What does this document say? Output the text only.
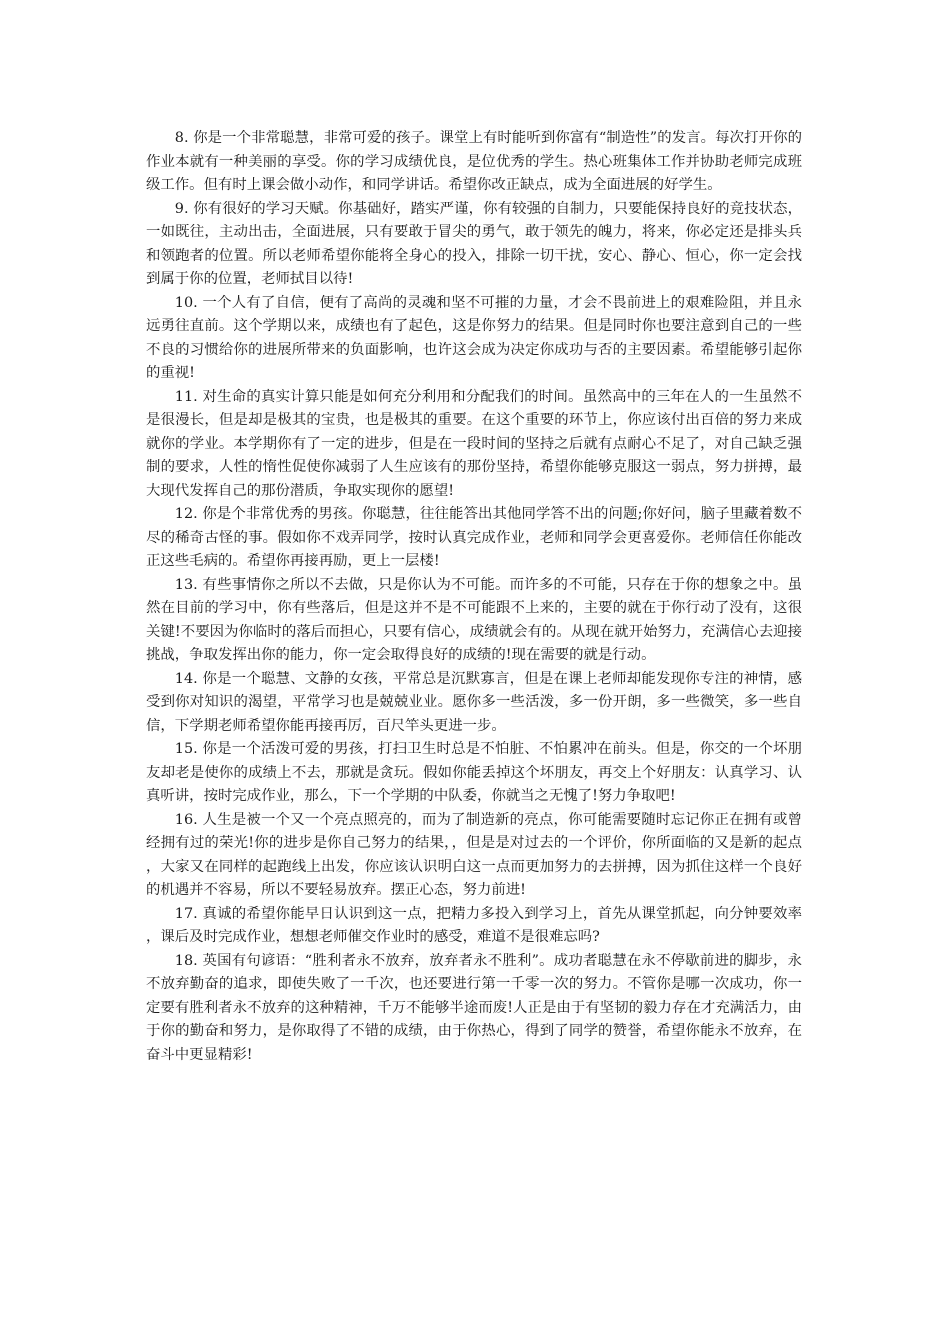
8. 你是一个非常聪慧，非常可爱的孩子。课堂上有时能听到你富有“制造性”的发言。每次打开你的作业本就有一种美丽的享受。你的学习成绩优良，是位优秀的学生。热心班集体工作并协助老师完成班级工作。但有时上课会做小动作，和同学讲话。希望你改正缺点，成为全面进展的好学生。

9. 你有很好的学习天赋。你基础好，踏实严谨，你有较强的自制力，只要能保持良好的竞技状态，一如既往，主动出击，全面进展，只有要敢于冒尖的勇气，敢于领先的魄力，将来，你必定还是排头兵和领跑者的位置。所以老师希望你能将全身心的投入，排除一切干扰，安心、静心、恒心，你一定会找到属于你的位置，老师拭目以待!

10. 一个人有了自信，便有了高尚的灵魂和坚不可摧的力量，才会不畏前进上的艰难险阻，并且永远勇往直前。这个学期以来，成绩也有了起色，这是你努力的结果。但是同时你也要注意到自己的一些不良的习惯给你的进展所带来的负面影响，也许这会成为决定你成功与否的主要因素。希望能够引起你的重视!

11. 对生命的真实计算只能是如何充分利用和分配我们的时间。虽然高中的三年在人的一生虽然不是很漫长，但是却是极其的宝贵，也是极其的重要。在这个重要的环节上，你应该付出百倍的努力来成就你的学业。本学期你有了一定的进步，但是在一段时间的坚持之后就有点耐心不足了，对自己缺乏强制的要求，人性的惰性促使你减弱了人生应该有的那份坚持，希望你能够克服这一弱点，努力拼搏，最大现代发挥自己的那份潜质，争取实现你的愿望!

12. 你是个非常优秀的男孩。你聪慧，往往能答出其他同学答不出的问题;你好问，脑子里藏着数不尽的稀奇古怪的事。假如你不戏弄同学，按时认真完成作业，老师和同学会更喜爱你。老师信任你能改正这些毛病的。希望你再接再励，更上一层楼!

13. 有些事情你之所以不去做，只是你认为不可能。而许多的不可能，只存在于你的想象之中。虽然在目前的学习中，你有些落后，但是这并不是不可能跟不上来的，主要的就在于你行动了没有，这很关键!不要因为你临时的落后而担心，只要有信心，成绩就会有的。从现在就开始努力，充满信心去迎接挑战，争取发挥出你的能力，你一定会取得良好的成绩的!现在需要的就是行动。

14. 你是一个聪慧、文静的女孩，平常总是沉默寡言，但是在课上老师却能发现你专注的神情，感受到你对知识的渴望，平常学习也是兢兢业业。愿你多一些活泼，多一份开朗，多一些微笑，多一些自信，下学期老师希望你能再接再厉，百尺竿头更进一步。

15. 你是一个活泼可爱的男孩，打扫卫生时总是不怕脏、不怕累冲在前头。但是，你交的一个坏朋友却老是使你的成绩上不去，那就是贪玩。假如你能丢掉这个坏朋友，再交上个好朋友：认真学习、认真听讲，按时完成作业，那么，下一个学期的中队委，你就当之无愧了!努力争取吧!

16. 人生是被一个又一个亮点照亮的，而为了制造新的亮点，你可能需要随时忘记你正在拥有或曾经拥有过的荣光!你的进步是你自己努力的结果，，但是是对过去的一个评价，你所面临的又是新的起点，大家又在同样的起跑线上出发，你应该认识明白这一点而更加努力的去拼搏，因为抓住这样一个良好的机遇并不容易，所以不要轻易放弃。摆正心态，努力前进!

17. 真诚的希望你能早日认识到这一点，把精力多投入到学习上，首先从课堂抓起，向分钟要效率，课后及时完成作业，想想老师催交作业时的感受，难道不是很难忘吗?

18. 英国有句谚语：“胜利者永不放弃，放弃者永不胜利”。成功者聪慧在永不停歇前进的脚步，永不放弃勤奋的追求，即使失败了一千次，也还要进行第一千零一次的努力。不管你是哪一次成功，你一定要有胜利者永不放弃的这种精神，千万不能够半途而废!人正是由于有坚韧的毅力存在才充满活力，由于你的勤奋和努力，是你取得了不错的成绩，由于你热心，得到了同学的赞誉，希望你能永不放弃，在奋斗中更显精彩!
